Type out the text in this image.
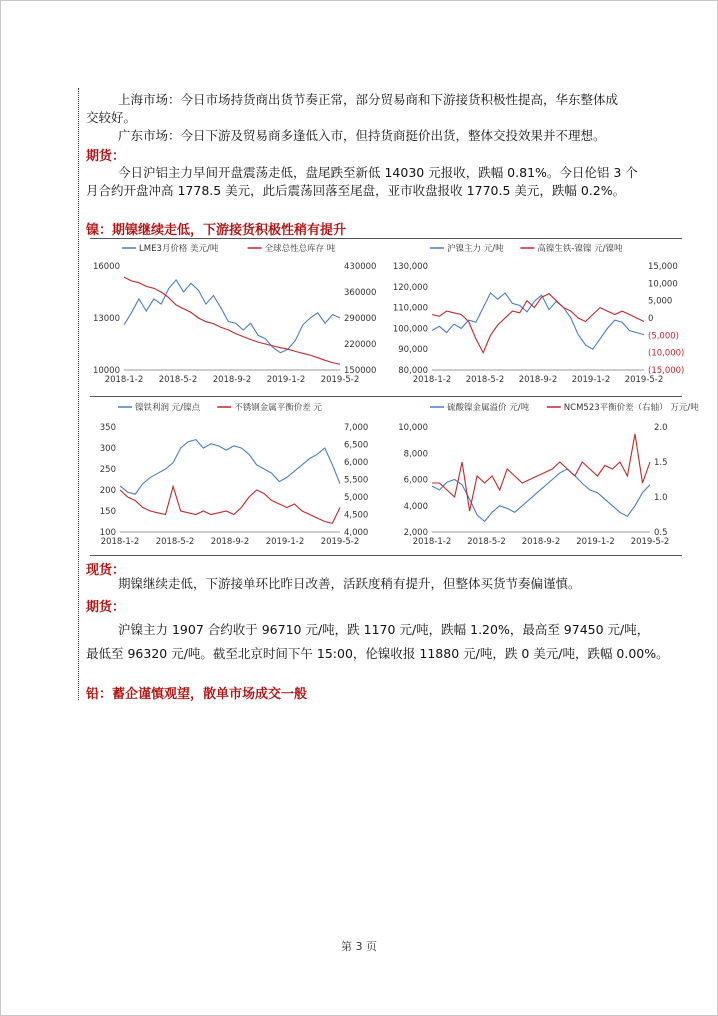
上海市场：今日市场持货商出货节奏正常，部分贸易商和下游接货积极性提高，华东整体成
交较好。
广东市场：今日下游及贸易商多逢低入市，但持货商挺价出货，整体交投效果并不理想。
期货：
今日沪铝主力早间开盘震荡走低，盘尾跌至新低 14030 元报收，跌幅 0.81%。今日伦铝 3 个
月合约开盘冲高 1778.5 美元，此后震荡回落至尾盘，亚市收盘报收 1770.5 美元，跌幅 0.2%。
镍：期镍继续走低，下游接货积极性稍有提升
LME3月价格 美元/吨	全球总性总库存 吨
16000
13000
10000
430000
360000
290000
220000
150000
2018-1-2 2018-5-2 2018-9-2 2019-1-2 2019-5-2
沪镍主力 元/吨	高镍生铁-镍镍 元/镍吨
130,000
120,000
110,000
100,000
90,000
80,000
15,000
10,000
5,000
0
(5,000)
(10,000)
(15,000)
2018-1-2 2018-5-2 2018-9-2 2019-1-2 2019-5-2
镍铁利润 元/镍点	不锈钢金属平衡价差 元
350
300
250
200
150
100
7,000
6,500
6,000
5,500
5,000
4,500
4,000
2018-1-2 2018-5-2 2018-9-2 2019-1-2 2019-5-2
硫酸镍金属溢价 元/吨	NCM523平衡价差（右轴） 万元/吨
10,000
8,000
6,000
4,000
2,000
2.0
1.5
1.0
0.5
2018-1-2 2018-5-2 2018-9-2 2019-1-2 2019-5-2
现货：
期镍继续走低，下游接单环比昨日改善，活跃度稍有提升，但整体买货节奏偏谨慎。
期货：
沪镍主力 1907 合约收于 96710 元/吨，跌 1170 元/吨，跌幅 1.20%，最高至 97450 元/吨，
最低至 96320 元/吨。截至北京时间下午 15:00，伦镍收报 11880 元/吨，跌 0 美元/吨，跌幅 0.00%。
铅：蓄企谨慎观望，散单市场成交一般
第 3 页
